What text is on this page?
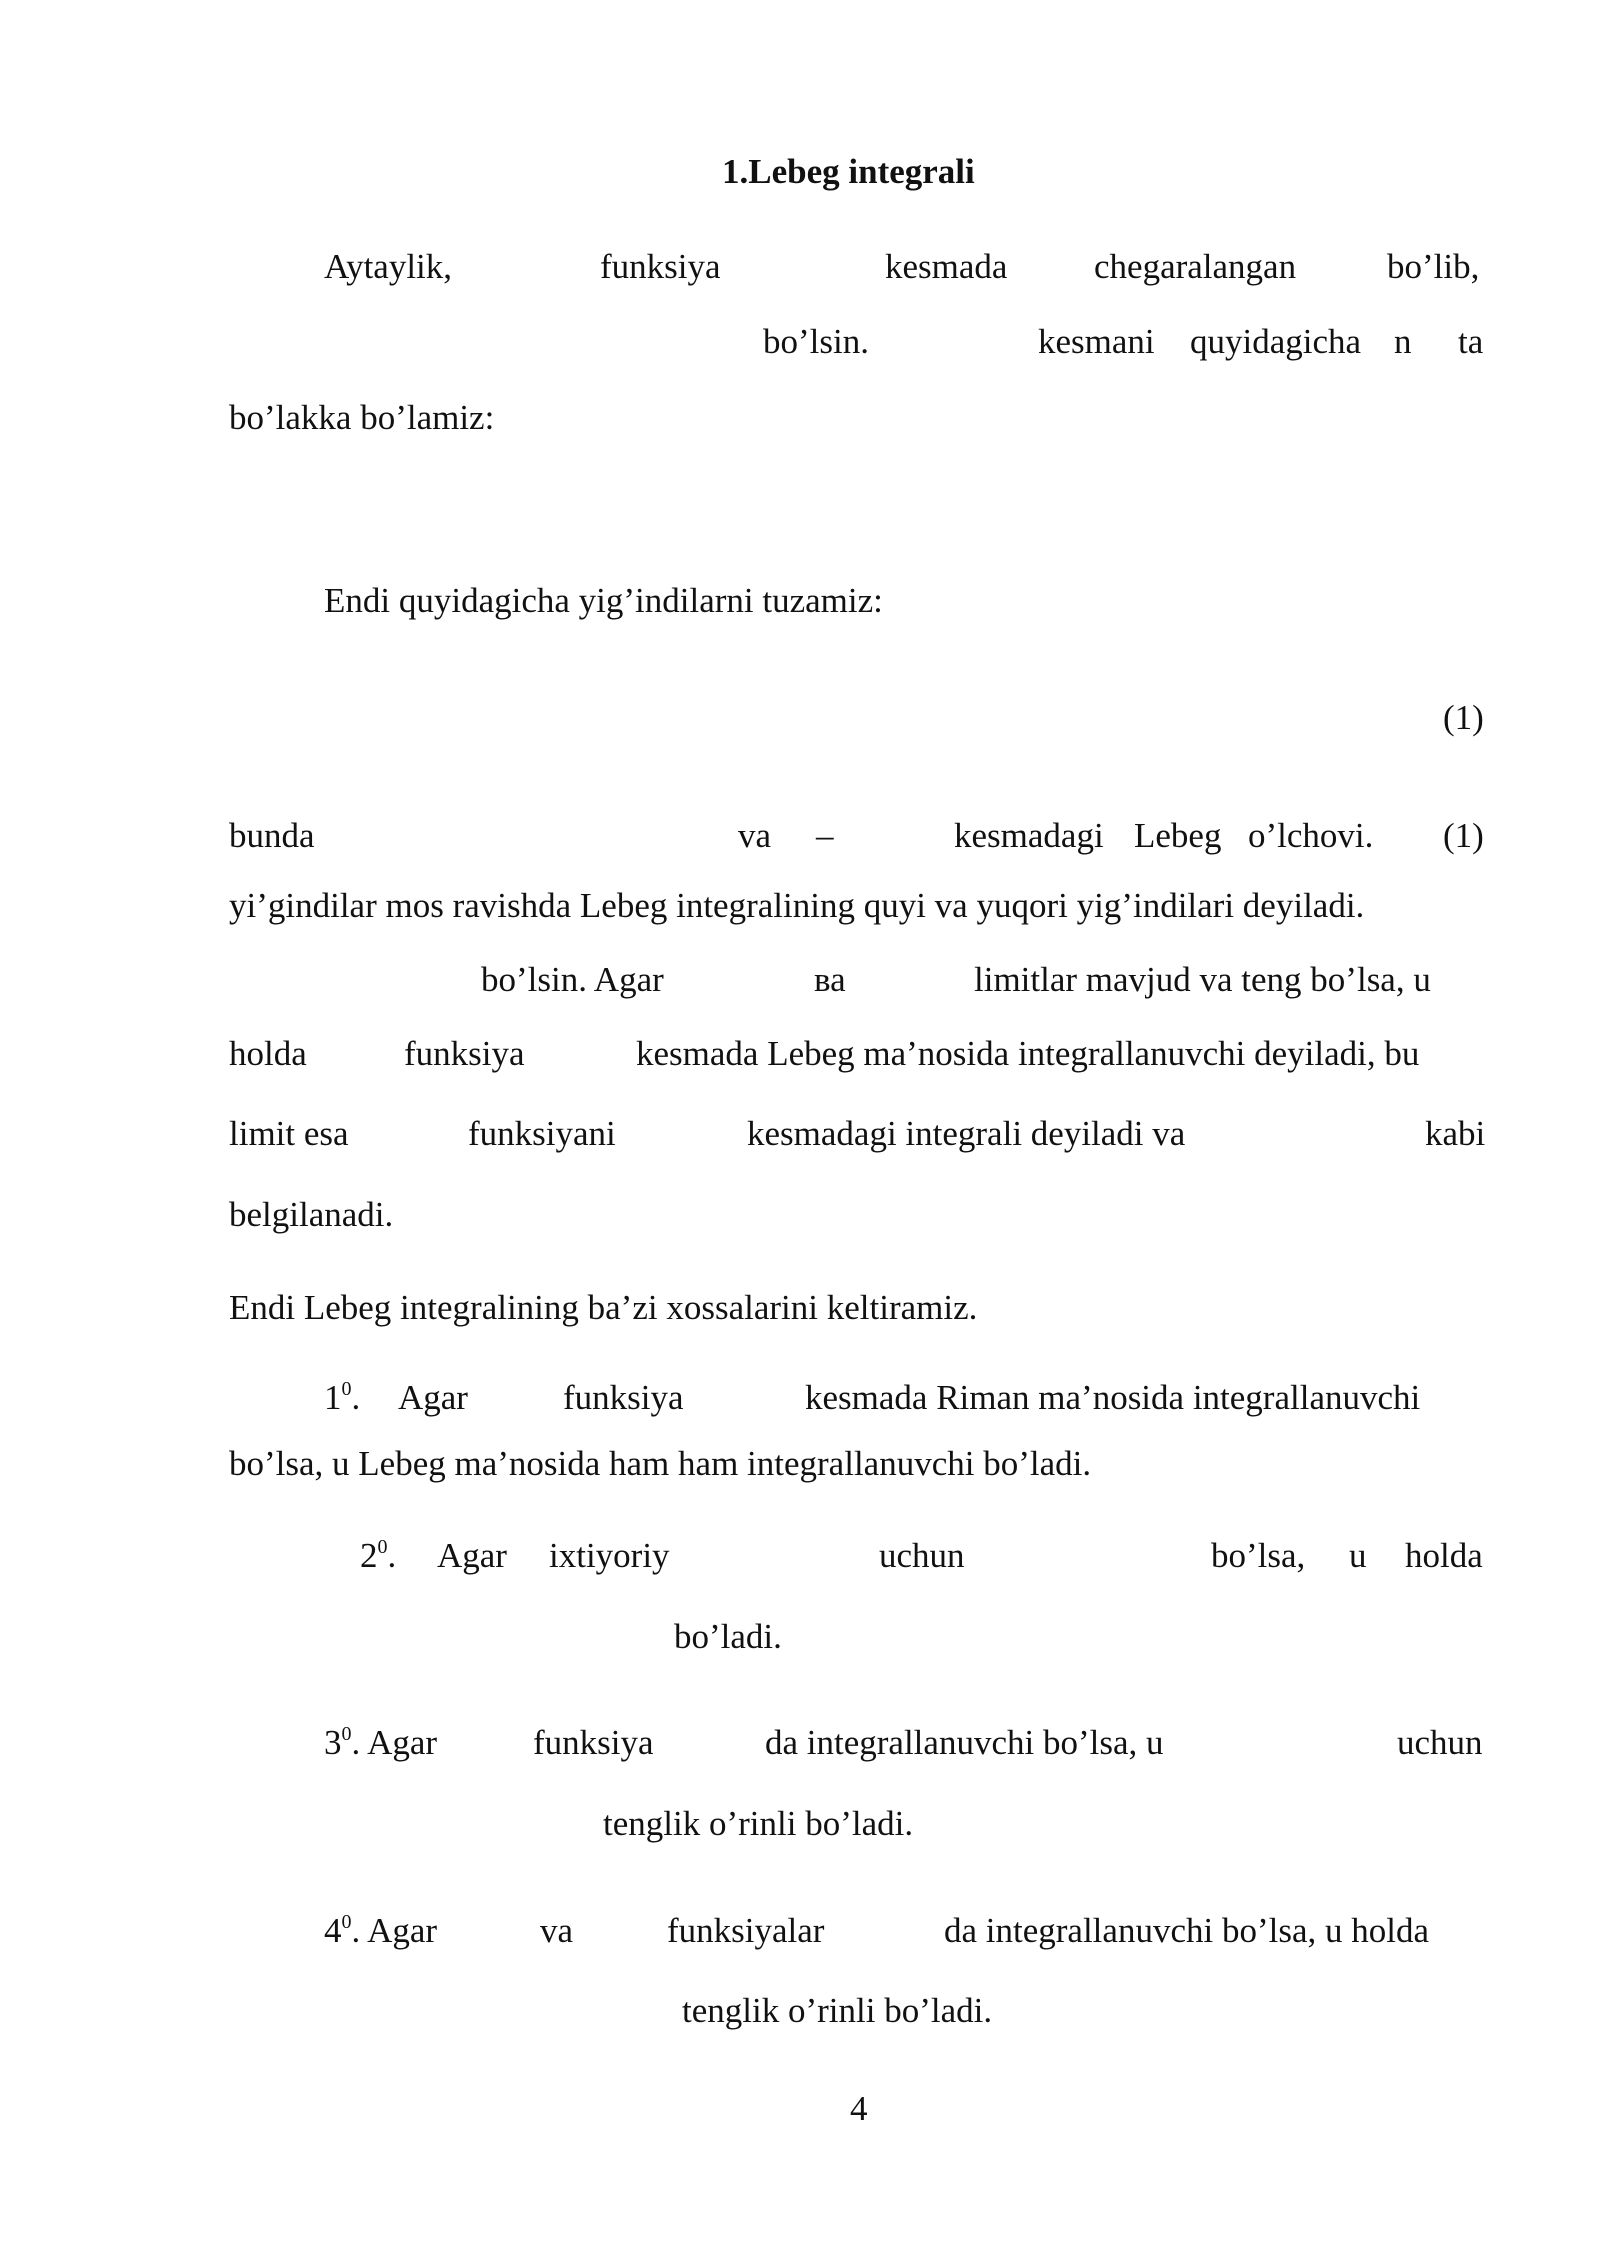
1.Lebeg integrali
Aytaylik,	funksiya	kesmada chegaralangan	bo’lib,
bo’lsin.	kesmani quyidagicha n ta
bo’lakka bo’lamiz:
Endi quyidagicha yig’indilarni tuzamiz:
(1)
bunda	va –	kesmadagi Lebeg o’lchovi. (1)
yi’gindilar mos ravishda Lebeg integralining quyi va yuqori yig’indilari deyiladi.
bo’lsin. Agar	ва	limitlar mavjud va teng bo’lsa, u
holda	funksiya	kesmada Lebeg ma’nosida integrallanuvchi deyiladi, bu
limit esa	funksiyani	kesmadagi integrali deyiladi va	kabi
belgilanadi.
Endi Lebeg integralining ba’zi xossalarini keltiramiz.
$1^0$. Agar	funksiya	kesmada Riman ma’nosida integrallanuvchi
bo’lsa, u Lebeg ma’nosida ham ham integrallanuvchi bo’ladi.
$2^0$. Agar ixtiyoriy	uchun	bo’lsa, u holda
bo’ladi.
$3^0$. Agar	funksiya	da integrallanuvchi bo’lsa, u	uchun
tenglik o’rinli bo’ladi.
$4^0$. Agar	va	funksiyalar	da integrallanuvchi bo’lsa, u holda
tenglik o’rinli bo’ladi.
4
